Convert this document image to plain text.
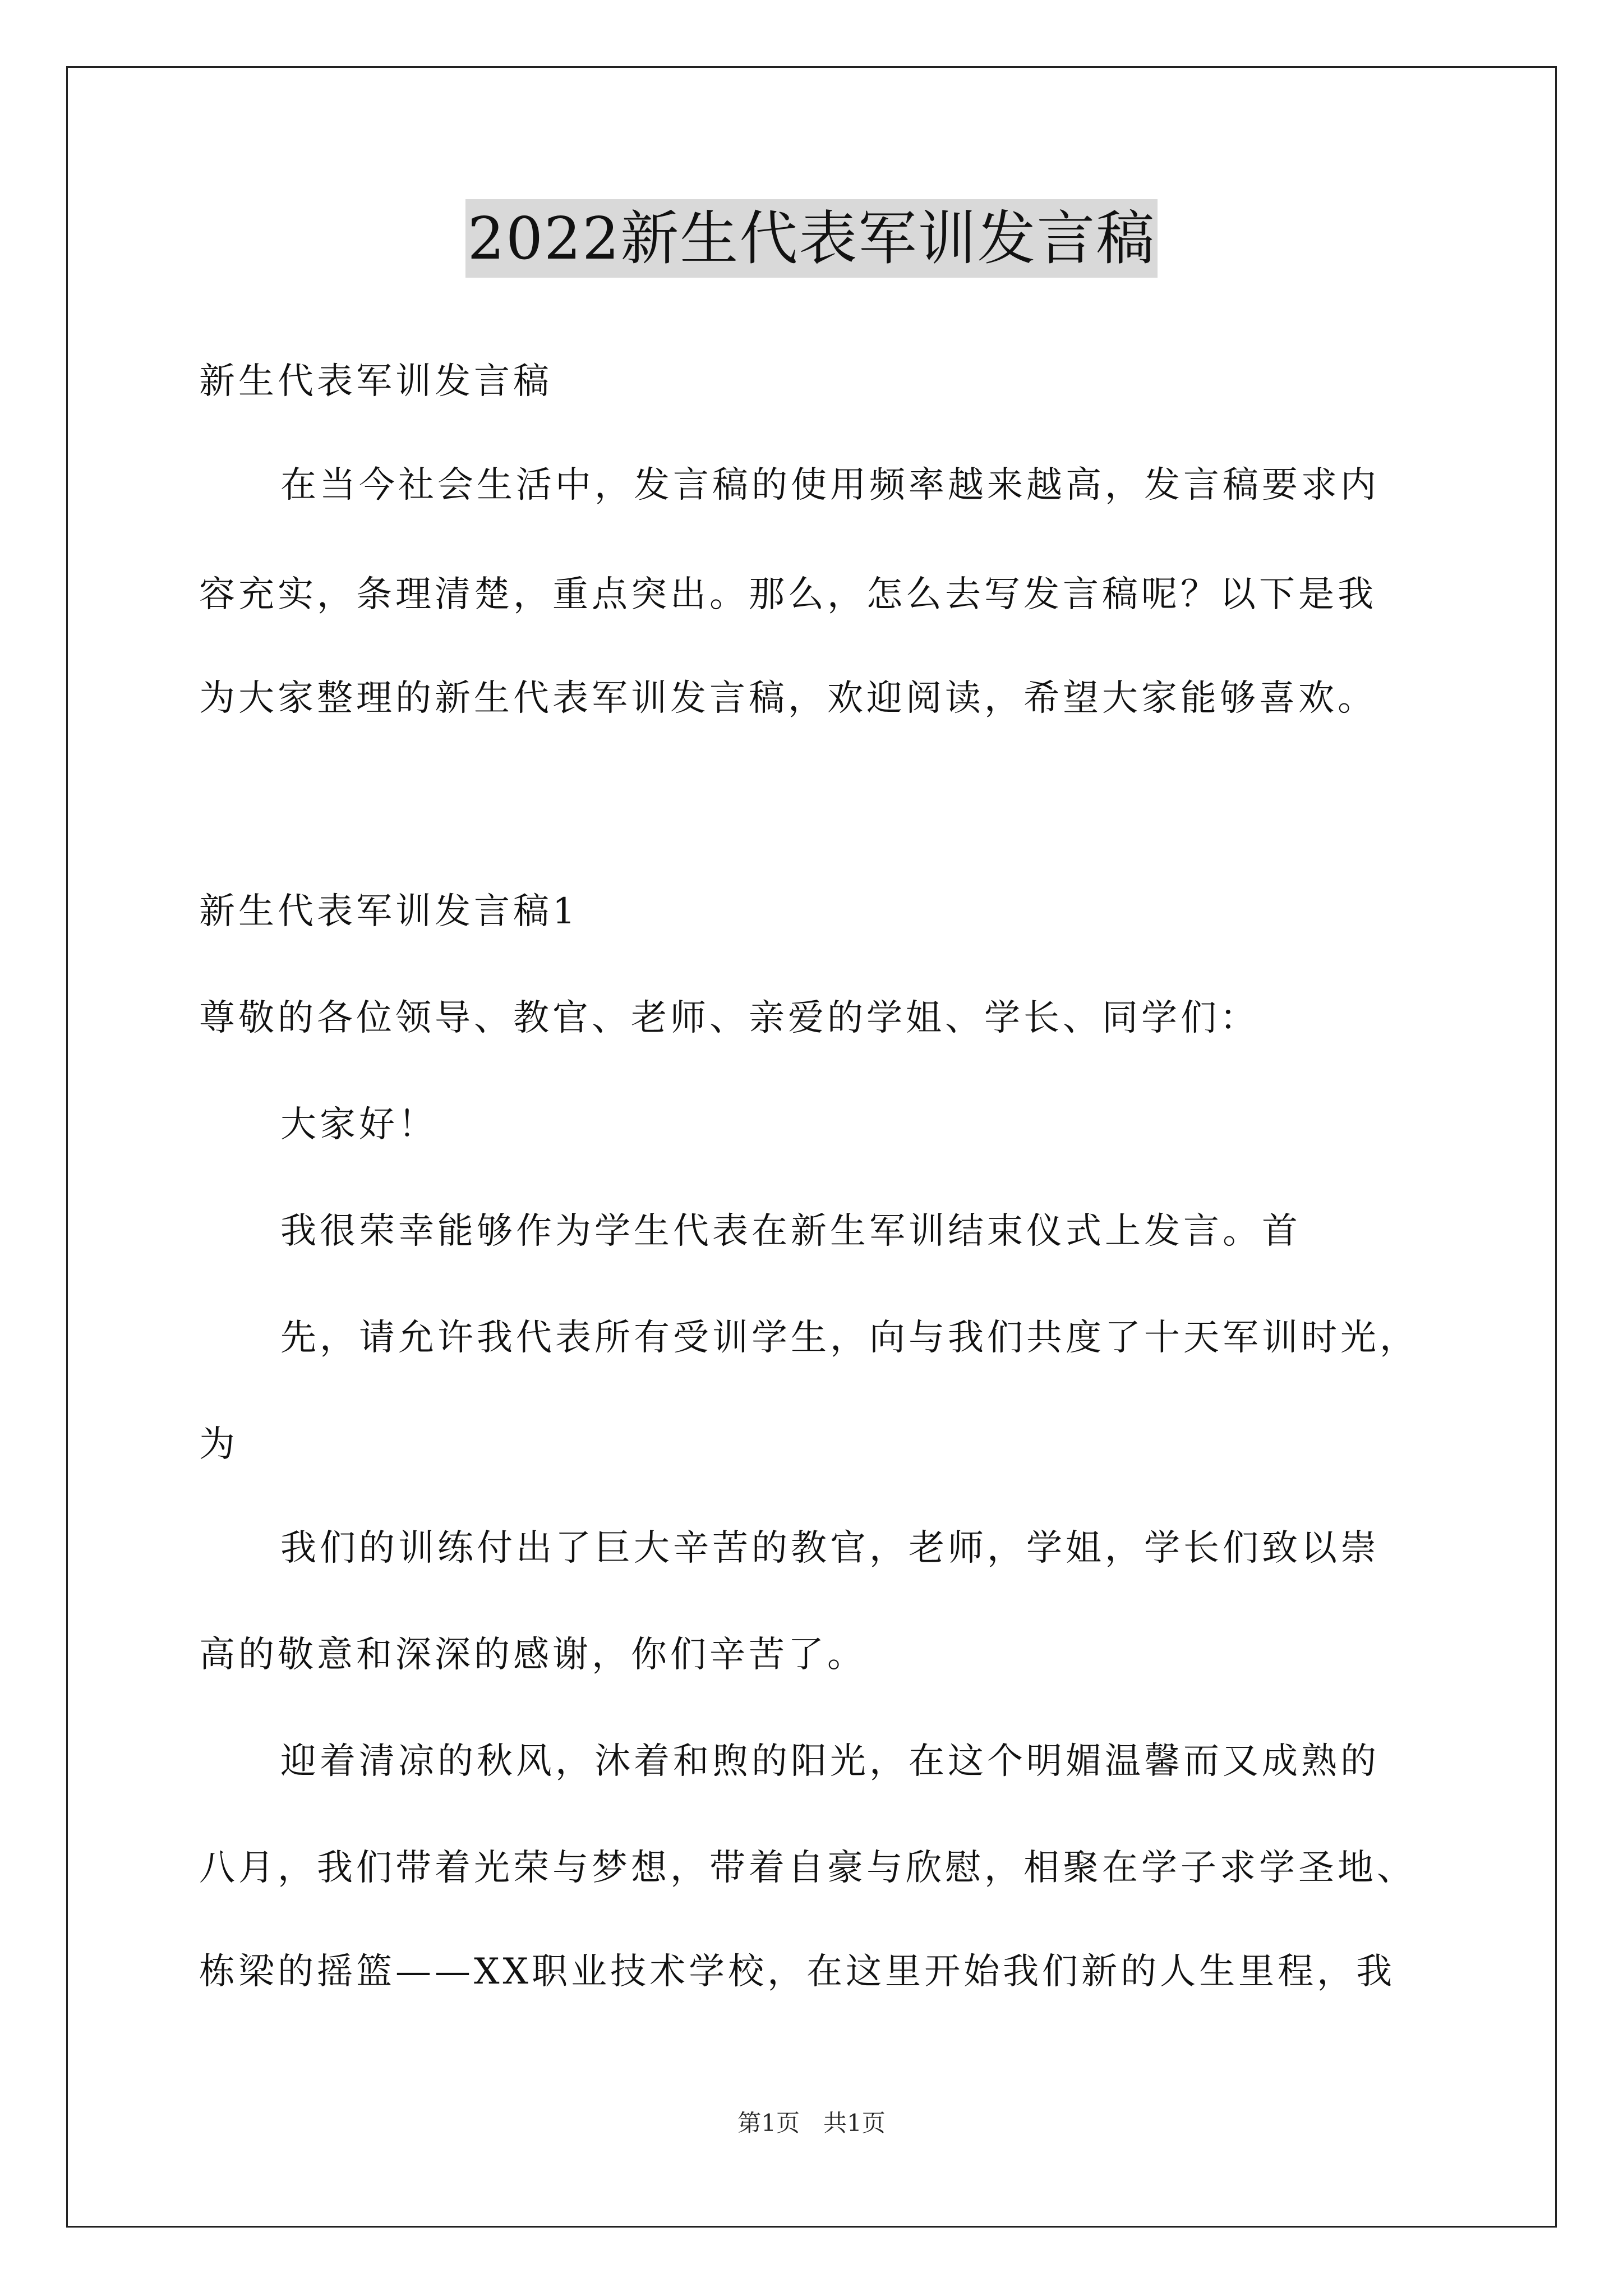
2022新生代表军训发言稿
新生代表军训发言稿
在当今社会生活中，发言稿的使用频率越来越高，发言稿要求内
容充实，条理清楚，重点突出。那么，怎么去写发言稿呢？以下是我
为大家整理的新生代表军训发言稿，欢迎阅读，希望大家能够喜欢。
新生代表军训发言稿1
尊敬的各位领导、教官、老师、亲爱的学姐、学长、同学们：
大家好！
我很荣幸能够作为学生代表在新生军训结束仪式上发言。首
先，请允许我代表所有受训学生，向与我们共度了十天军训时光，
为
我们的训练付出了巨大辛苦的教官，老师，学姐，学长们致以崇
高的敬意和深深的感谢，你们辛苦了。
迎着清凉的秋风，沐着和煦的阳光，在这个明媚温馨而又成熟的
八月，我们带着光荣与梦想，带着自豪与欣慰，相聚在学子求学圣地、
栋梁的摇篮——XX职业技术学校，在这里开始我们新的人生里程，我
第1页　共1页
